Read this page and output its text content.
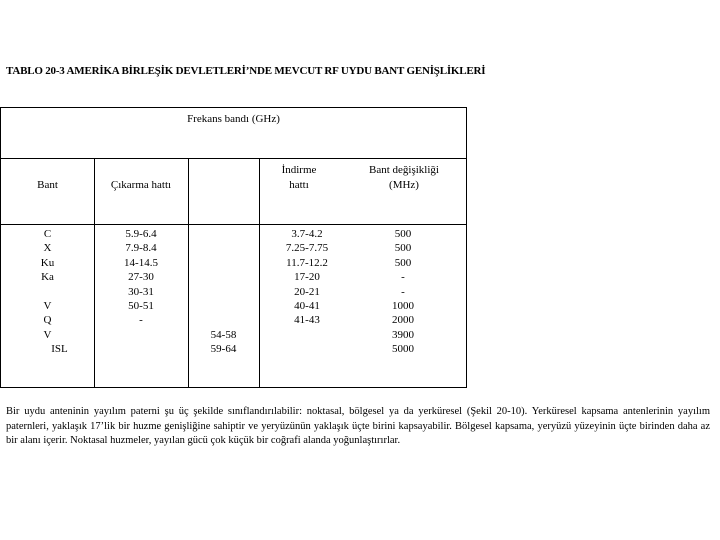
TABLO 20-3 AMERİKA BİRLEŞİK DEVLETLERİ’NDE MEVCUT RF UYDU BANT GENİŞLİKLERİ
Frekans bandı (GHz)
Bant	Çıkarma hattı
İndirme hattı
Bant değişikliği (MHz)
C
X
Ku
Ka

V
Q
V
ISL
5.9-6.4
7.9-8.4
14-14.5
27-30
30-31
50-51
-
54-58
59-64
3.7-4.2
7.25-7.75
11.7-12.2
17-20
20-21
40-41
41-43
500
500
500
-
-
1000
2000
3900
5000
Bir uydu anteninin yayılım paterni şu üç şekilde sınıflandırılabilir: noktasal, bölgesel ya da yerküresel (Şekil 20-10). Yerküresel kapsama antenlerinin yayılım paternleri, yaklaşık 17’lik bir huzme genişliğine sahiptir ve yeryüzünün yaklaşık üçte birini kapsayabilir. Bölgesel kapsama, yeryüzü yüzeyinin üçte birinden daha az bir alanı içerir. Noktasal huzmeler, yayılan gücü çok küçük bir coğrafi alanda yoğunlaştırırlar.
